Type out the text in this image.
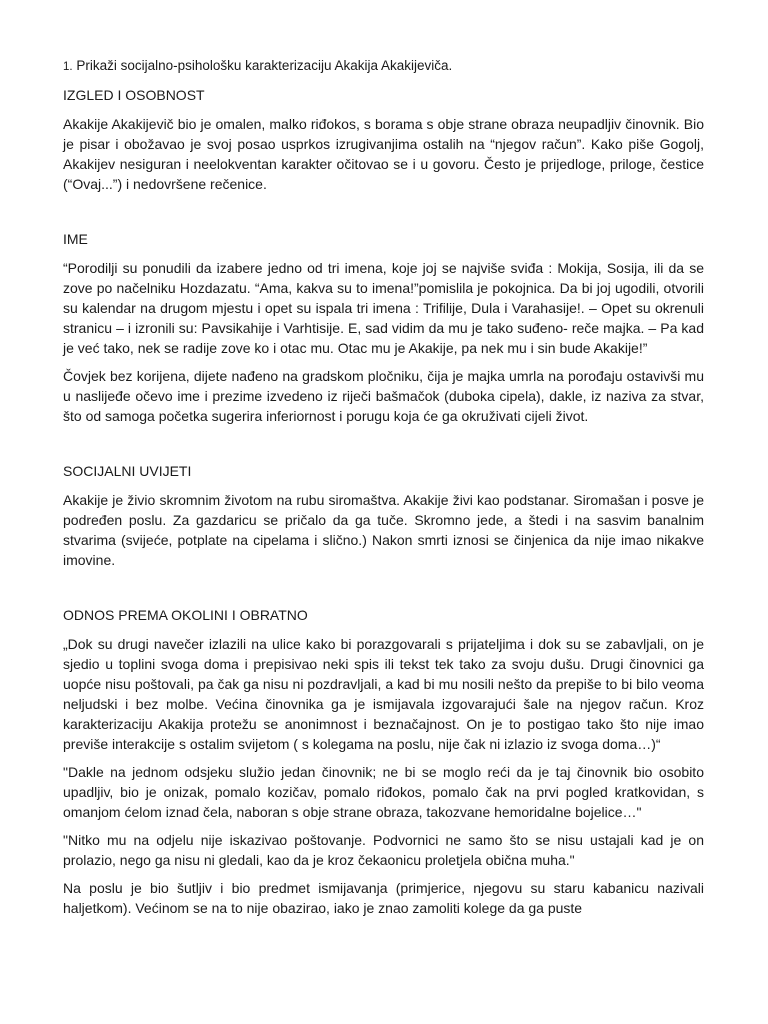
1. Prikaži socijalno-psihološku karakterizaciju Akakija Akakijeviča.

IZGLED I OSOBNOST

Akakije Akakijevič bio je omalen, malko riđokos, s borama s obje strane obraza neupadljiv činovnik. Bio je pisar i obožavao je svoj posao usprkos izrugivanjima ostalih na “njegov račun”. Kako piše Gogolj, Akakijev nesiguran i neelokventan karakter očitovao se i u govoru. Često je prijedloge, priloge, čestice (“Ovaj...”) i nedovršene rečenice.

IME

“Porodilji su ponudili da izabere jedno od tri imena, koje joj se najviše sviđa : Mokija, Sosija, ili da se zove po načelniku Hozdazatu. “Ama, kakva su to imena!”pomislila je pokojnica. Da bi joj ugodili, otvorili su kalendar na drugom mjestu i opet su ispala tri imena : Trifilije, Dula i Varahasije!. – Opet su okrenuli stranicu – i izronili su: Pavsikahije i Varhtisije. E, sad vidim da mu je tako suđeno- reče majka. – Pa kad je već tako, nek se radije zove ko i otac mu. Otac mu je Akakije, pa nek mu i sin bude Akakije!”

Čovjek bez korijena, dijete nađeno na gradskom pločniku, čija je majka umrla na porođaju ostavivši mu u naslijeđe očevo ime i prezime izvedeno iz riječi bašmačok (duboka cipela), dakle, iz naziva za stvar, što od samoga početka sugerira inferiornost i porugu koja će ga okruživati cijeli život.

SOCIJALNI UVIJETI

Akakije je živio skromnim životom na rubu siromaštva. Akakije živi kao podstanar. Siromašan i posve je podređen poslu. Za gazdaricu se pričalo da ga tuče. Skromno jede, a štedi i na sasvim banalnim stvarima (svijeće, potplate na cipelama i slično.) Nakon smrti iznosi se činjenica da nije imao nikakve imovine.

ODNOS PREMA OKOLINI I OBRATNO

„Dok su drugi navečer izlazili na ulice kako bi porazgovarali s prijateljima i dok su se zabavljali, on je sjedio u toplini svoga doma i prepisivao neki spis ili tekst tek tako za svoju dušu. Drugi činovnici ga uopće nisu poštovali, pa čak ga nisu ni pozdravljali, a kad bi mu nosili nešto da prepiše to bi bilo veoma neljudski i bez molbe. Većina činovnika ga je ismijavala izgovarajući šale na njegov račun. Kroz karakterizaciju Akakija protežu se anonimnost i beznačajnost. On je to postigao tako što nije imao previše interakcije s ostalim svijetom ( s kolegama na poslu, nije čak ni izlazio iz svoga doma…)“

"Dakle na jednom odsjeku služio jedan činovnik; ne bi se moglo reći da je taj činovnik bio osobito upadljiv, bio je onizak, pomalo kozičav, pomalo riđokos, pomalo čak na prvi pogled kratkovidan, s omanjom ćelom iznad čela, naboran s obje strane obraza, takozvane hemoridalne bojelice…"

"Nitko mu na odjelu nije iskazivao poštovanje. Podvornici ne samo što se nisu ustajali kad je on prolazio, nego ga nisu ni gledali, kao da je kroz čekaonicu proletjela obična muha."

Na poslu je bio šutljiv i bio predmet ismijavanja (primjerice, njegovu su staru kabanicu nazivali haljetkom). Većinom se na to nije obazirao, iako je znao zamoliti kolege da ga puste
